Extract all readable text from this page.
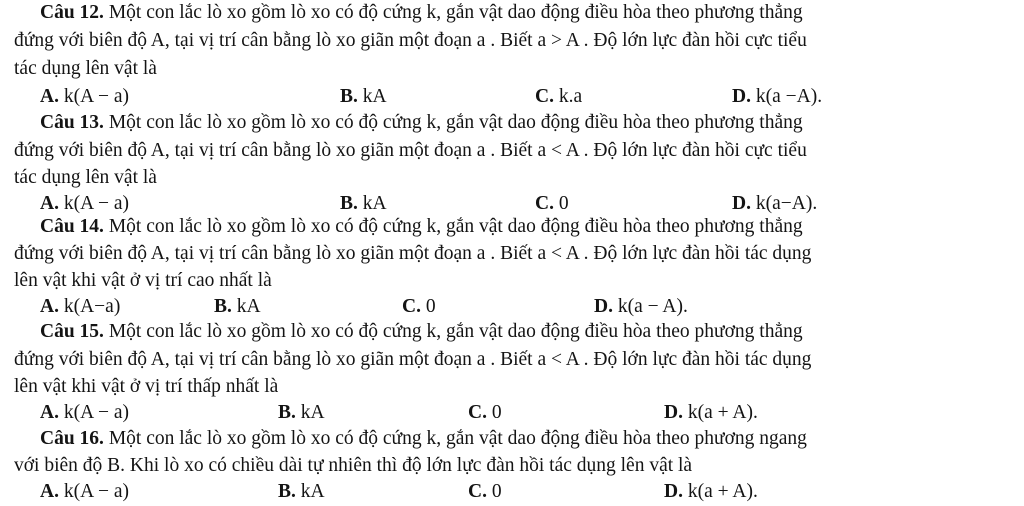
Câu 12. Một con lắc lò xo gồm lò xo có độ cứng k, gắn vật dao động điều hòa theo phương thẳng
đứng với biên độ A, tại vị trí cân bằng lò xo giãn một đoạn a . Biết a > A . Độ lớn lực đàn hồi cực tiểu
tác dụng lên vật là
A. k(A − a)	B. kA	C. k.a	D. k(a −A).
Câu 13. Một con lắc lò xo gồm lò xo có độ cứng k, gắn vật dao động điều hòa theo phương thẳng
đứng với biên độ A, tại vị trí cân bằng lò xo giãn một đoạn a . Biết a < A . Độ lớn lực đàn hồi cực tiểu
tác dụng lên vật là
A. k(A − a)	B. kA	C. 0	D. k(a−A).
Câu 14. Một con lắc lò xo gồm lò xo có độ cứng k, gắn vật dao động điều hòa theo phương thẳng
đứng với biên độ A, tại vị trí cân bằng lò xo giãn một đoạn a . Biết a < A . Độ lớn lực đàn hồi tác dụng
lên vật khi vật ở vị trí cao nhất là
A. k(A−a)	B. kA	C. 0	D. k(a − A).
Câu 15. Một con lắc lò xo gồm lò xo có độ cứng k, gắn vật dao động điều hòa theo phương thẳng
đứng với biên độ A, tại vị trí cân bằng lò xo giãn một đoạn a . Biết a < A . Độ lớn lực đàn hồi tác dụng
lên vật khi vật ở vị trí thấp nhất là
A. k(A − a)	B. kA	C. 0	D. k(a + A).
Câu 16. Một con lắc lò xo gồm lò xo có độ cứng k, gắn vật dao động điều hòa theo phương ngang
với biên độ B. Khi lò xo có chiều dài tự nhiên thì độ lớn lực đàn hồi tác dụng lên vật là
A. k(A − a)	B. kA	C. 0	D. k(a + A).
